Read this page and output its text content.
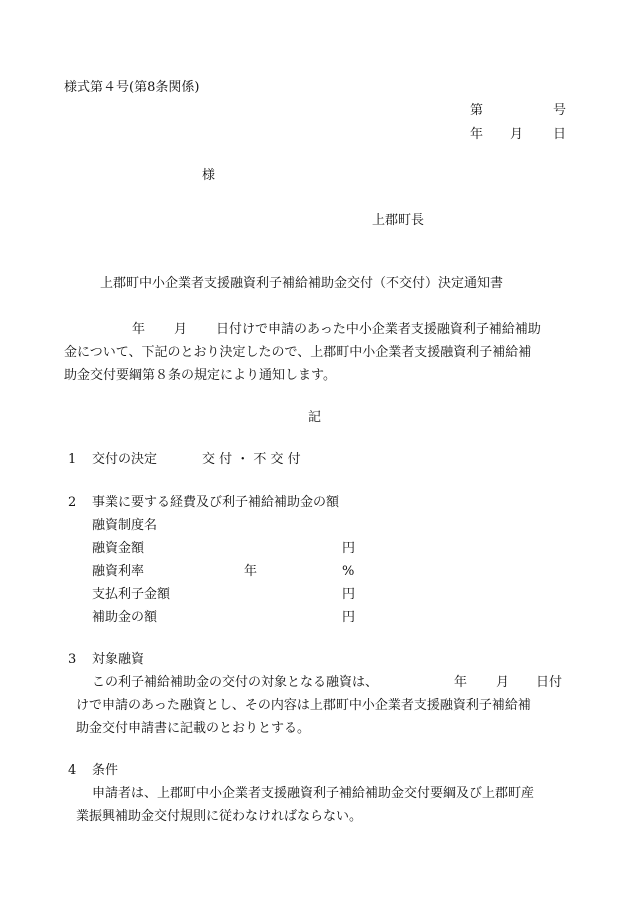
様式第４号(第8条関係)
第	号
年 月 日
様
上郡町長
上郡町中小企業者支援融資利子補給補助金交付（不交付）決定通知書
年 月 日付けで申請のあった中小企業者支援融資利子補給補助
金について、下記のとおり決定したので、上郡町中小企業者支援融資利子補給補
助金交付要綱第８条の規定により通知します。
記
1 交付の決定	交 付 ・ 不 交 付
2 事業に要する経費及び利子補給補助金の額
融資制度名
融資金額	円
融資利率	年	%
支払利子金額	円
補助金の額	円
3 対象融資
この利子補給補助金の交付の対象となる融資は、	年 月 日付
けで申請のあった融資とし、その内容は上郡町中小企業者支援融資利子補給補
助金交付申請書に記載のとおりとする。
4 条件
申請者は、上郡町中小企業者支援融資利子補給補助金交付要綱及び上郡町産
業振興補助金交付規則に従わなければならない。
